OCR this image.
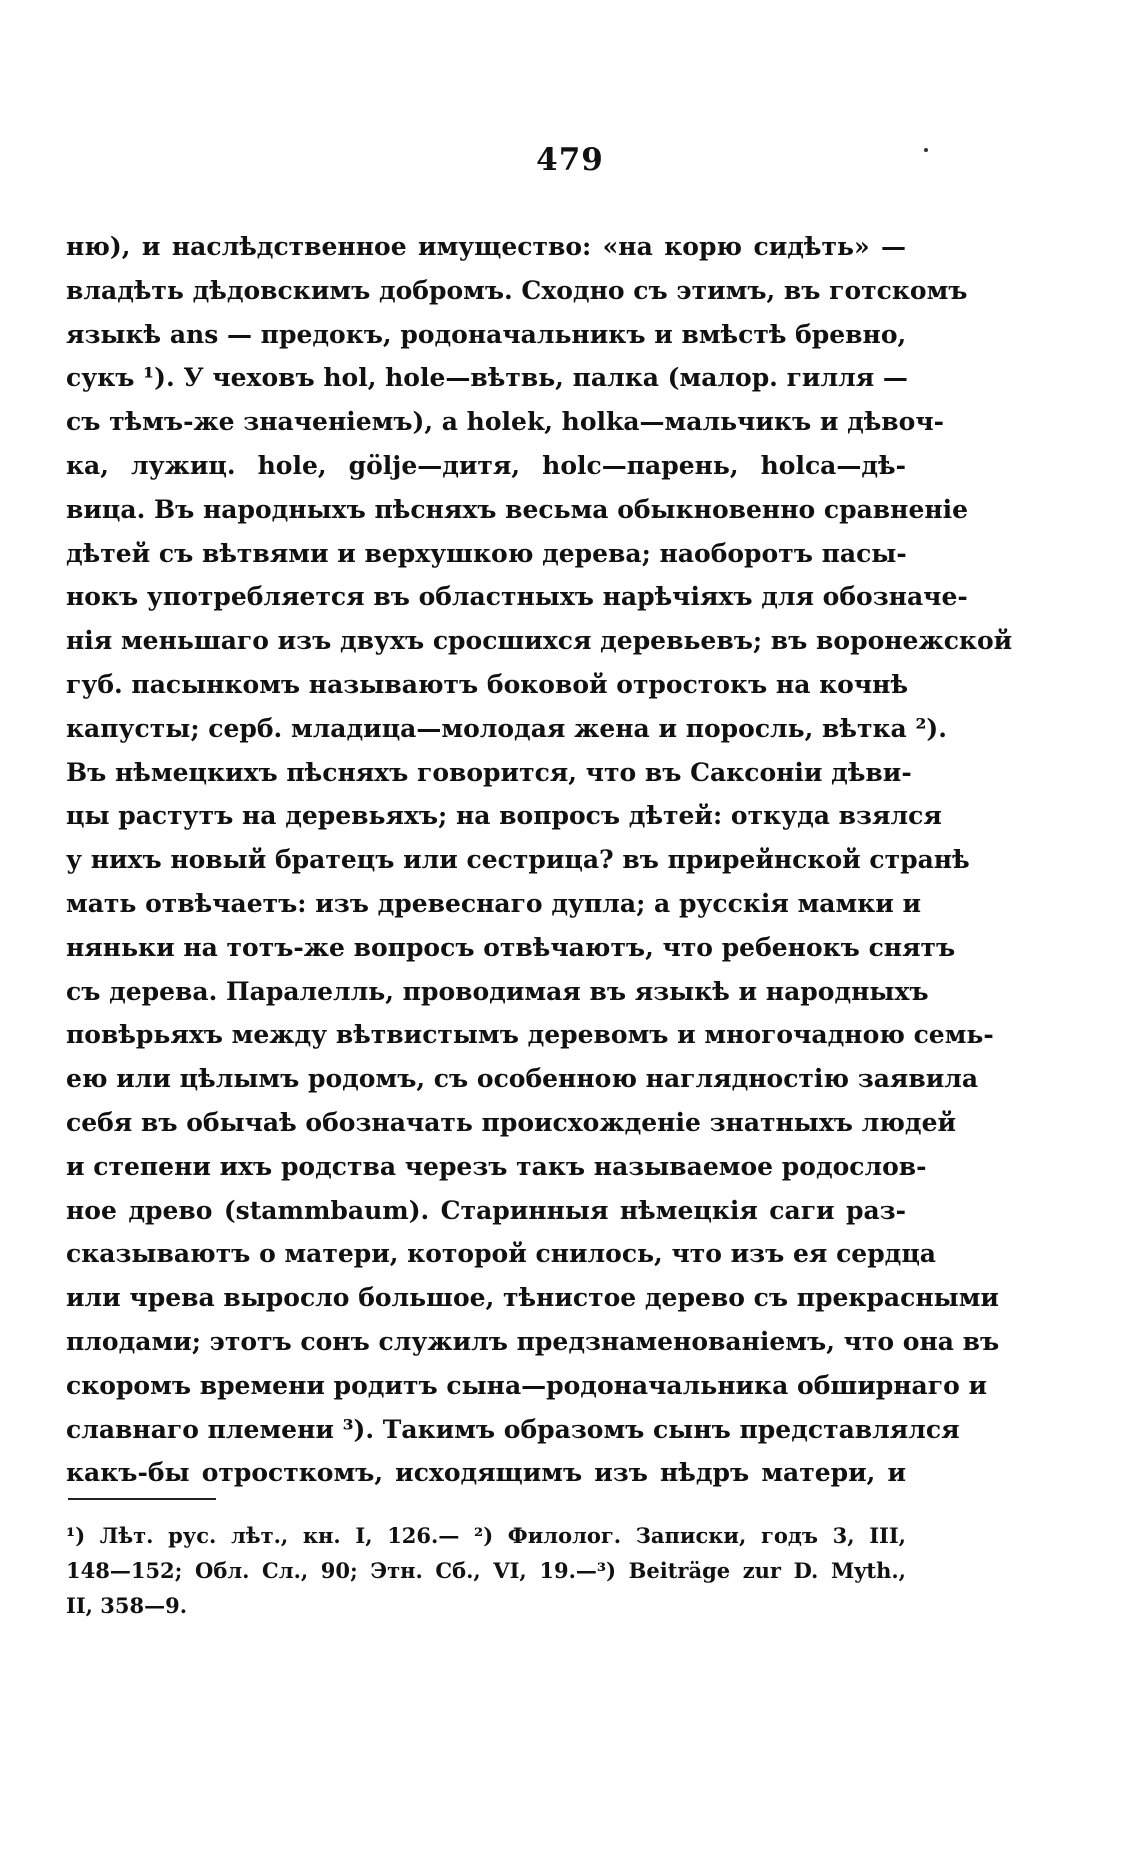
479
ню), и наслѣдственное имущество: «на корю сидѣть» —
владѣть дѣдовскимъ добромъ. Сходно съ этимъ, въ готскомъ
языкѣ ans — предокъ, родоначальникъ и вмѣстѣ бревно,
сукъ ¹). У чеховъ hol, hole—вѣтвь, палка (малор. гилля —
съ тѣмъ-же значеніемъ), a holek, holka—мальчикъ и дѣвоч-
ка, лужиц. hole, gölje—дитя, holc—парень, holca—дѣ-
вица. Въ народныхъ пѣсняхъ весьма обыкновенно сравненіе
дѣтей съ вѣтвями и верхушкою дерева; наоборотъ пасы-
нокъ употребляется въ областныхъ нарѣчіяхъ для обозначе-
нія меньшаго изъ двухъ сросшихся деревьевъ; въ воронежской
губ. пасынкомъ называютъ боковой отростокъ на кочнѣ
капусты; серб. младица—молодая жена и поросль, вѣтка ²).
Въ нѣмецкихъ пѣсняхъ говорится, что въ Саксоніи дѣви-
цы растутъ на деревьяхъ; на вопросъ дѣтей: откуда взялся
у нихъ новый братецъ или сестрица? въ прирейнской странѣ
мать отвѣчаетъ: изъ древеснаго дупла; а русскія мамки и
няньки на тотъ-же вопросъ отвѣчаютъ, что ребенокъ снятъ
съ дерева. Паралелль, проводимая въ языкѣ и народныхъ
повѣрьяхъ между вѣтвистымъ деревомъ и многочадною семь-
ею или цѣлымъ родомъ, съ особенною наглядностію заявила
себя въ обычаѣ обозначать происхожденіе знатныхъ людей
и степени ихъ родства черезъ такъ называемое родослов-
ное древо (stammbaum). Старинныя нѣмецкія саги раз-
сказываютъ о матери, которой снилось, что изъ ея сердца
или чрева выросло большое, тѣнистое дерево съ прекрасными
плодами; этотъ сонъ служилъ предзнаменованіемъ, что она въ
скоромъ времени родитъ сына—родоначальника обширнаго и
славнаго племени ³). Такимъ образомъ сынъ представлялся
какъ-бы отросткомъ, исходящимъ изъ нѣдръ матери, и
¹) Лѣт. рус. лѣт., кн. I, 126.— ²) Филолог. Записки, годъ 3, III,
148—152; Обл. Сл., 90; Этн. Сб., VI, 19.—³) Beiträge zur D. Myth.,
II, 358—9.
